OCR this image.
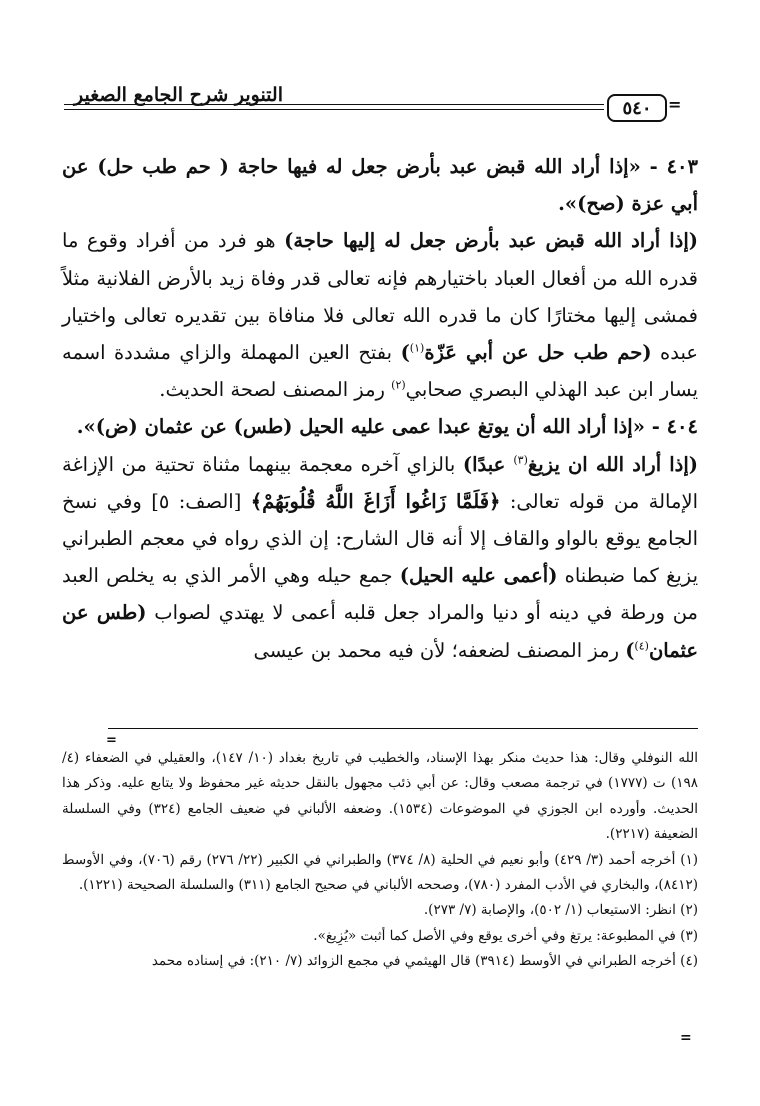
التنوير شرح الجامع الصغير	=
٥٤٠

٤٠٣ - «إذا أراد الله قبض عبد بأرض جعل له فيها حاجة ( حم طب حل) عن أبي عزة (صح)».

(إذا أراد الله قبض عبد بأرض جعل له إليها حاجة) هو فرد من أفراد وقوع ما قدره الله من أفعال العباد باختيارهم فإنه تعالى قدر وفاة زيد بالأرض الفلانية مثلاً فمشى إليها مختارًا كان ما قدره الله تعالى فلا منافاة بين تقديره تعالى واختيار عبده (حم طب حل عن أبي عَزّة$^{(١)}$) بفتح العين المهملة والزاي مشددة اسمه يسار ابن عبد الهذلي البصري صحابي$^{(٢)}$ رمز المصنف لصحة الحديث.

٤٠٤ - «إذا أراد الله أن يوتغ عبدا عمى عليه الحيل (طس) عن عثمان (ض)».

(إذا أراد الله ان يزيغ$^{(٣)}$ عبدًا) بالزاي آخره معجمة بينهما مثناة تحتية من الإزاغة الإمالة من قوله تعالى: ﴿فَلَمَّا زَاغُوا أَزَاغَ اللَّهُ قُلُوبَهُمْ﴾ [الصف: ٥] وفي نسخ الجامع يوقع بالواو والقاف إلا أنه قال الشارح: إن الذي رواه في معجم الطبراني يزيغ كما ضبطناه (أعمى عليه الحيل) جمع حيله وهي الأمر الذي به يخلص العبد من ورطة في دينه أو دنيا والمراد جعل قلبه أعمى لا يهتدي لصواب (طس عن عثمان$^{(٤)}$) رمز المصنف لضعفه؛ لأن فيه محمد بن عيسى

=

الله النوفلي وقال: هذا حديث منكر بهذا الإسناد، والخطيب في تاريخ بغداد (١٠/ ١٤٧)، والعقيلي في الضعفاء (٤/ ١٩٨) ت (١٧٧٧) في ترجمة مصعب وقال: عن أبي ذئب مجهول بالنقل حديثه غير محفوظ ولا يتابع عليه. وذكر هذا الحديث. وأورده ابن الجوزي في الموضوعات (١٥٣٤). وضعفه الألباني في ضعيف الجامع (٣٢٤) وفي السلسلة الضعيفة (٢٢١٧).

(١) أخرجه أحمد (٣/ ٤٢٩) وأبو نعيم في الحلية (٨/ ٣٧٤) والطبراني في الكبير (٢٢/ ٢٧٦) رقم (٧٠٦)، وفي الأوسط (٨٤١٢)، والبخاري في الأدب المفرد (٧٨٠)، وصححه الألباني في صحيح الجامع (٣١١) والسلسلة الصحيحة (١٢٢١).

(٢) انظر: الاستيعاب (١/ ٥٠٢)، والإصابة (٧/ ٢٧٣).

(٣) في المطبوعة: يرتغ وفي أخرى يوقع وفي الأصل كما أثبت «يُزِيغ».

(٤) أخرجه الطبراني في الأوسط (٣٩١٤) قال الهيثمي في مجمع الزوائد (٧/ ٢١٠): في إسناده محمد

=
